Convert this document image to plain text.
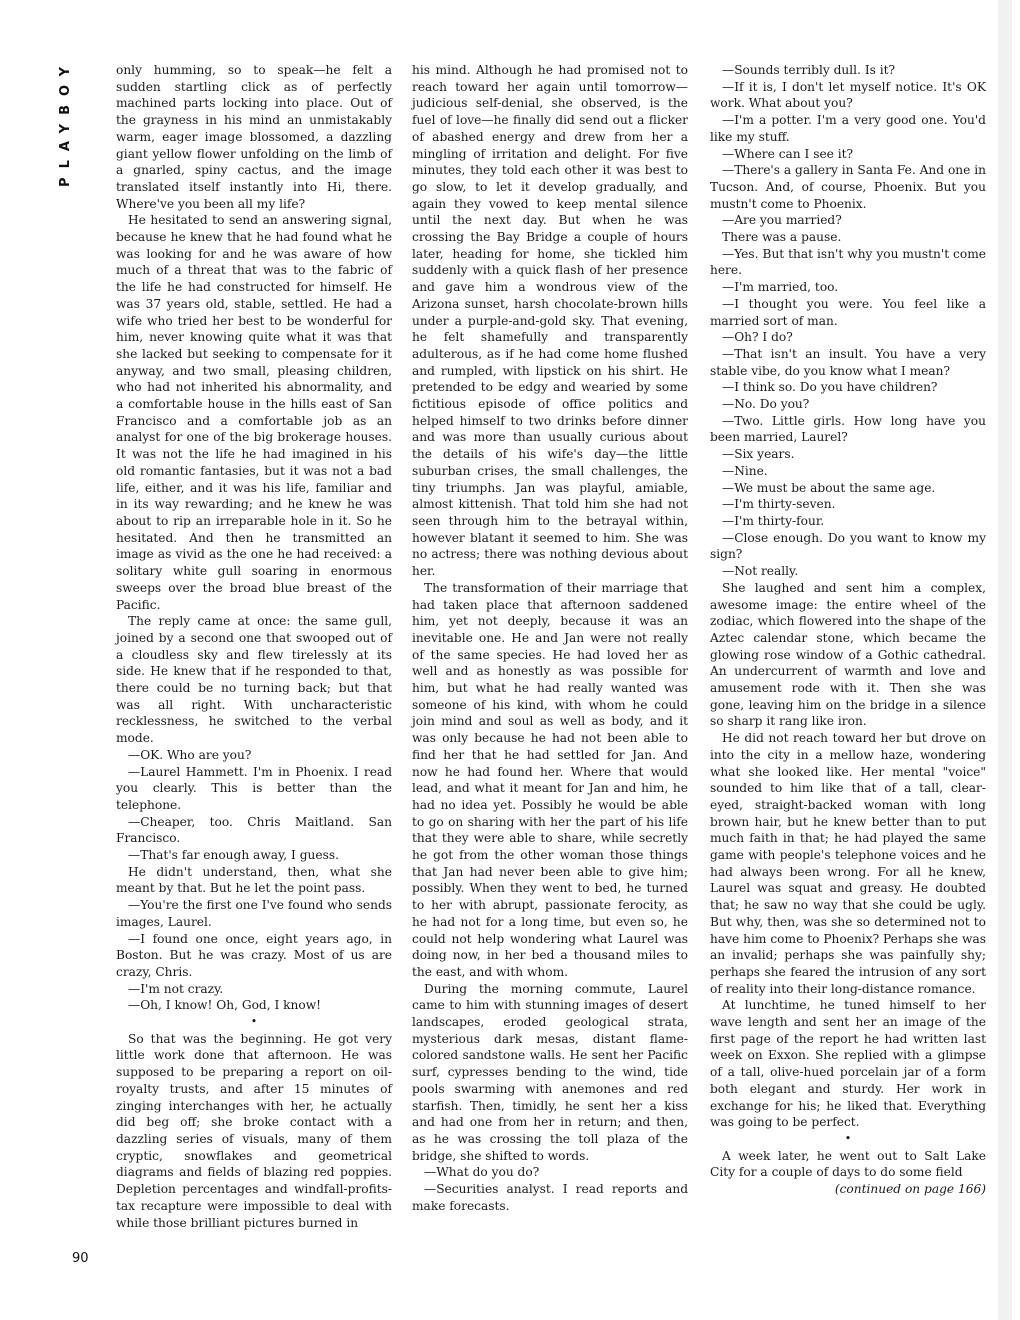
PLAYBOY	only humming, so to speak—he felt a sudden startling click as of perfectly machined parts locking into place. Out of the grayness in his mind an unmistakably warm, eager image blossomed, a dazzling giant yellow flower unfolding on the limb of a gnarled, spiny cactus, and the image translated itself instantly into Hi, there. Where've you been all my life?

He hesitated to send an answering signal, because he knew that he had found what he was looking for and he was aware of how much of a threat that was to the fabric of the life he had constructed for himself. He was 37 years old, stable, settled. He had a wife who tried her best to be wonderful for him, never knowing quite what it was that she lacked but seeking to compensate for it anyway, and two small, pleasing children, who had not inherited his abnormality, and a comfortable house in the hills east of San Francisco and a comfortable job as an analyst for one of the big brokerage houses. It was not the life he had imagined in his old romantic fantasies, but it was not a bad life, either, and it was his life, familiar and in its way rewarding; and he knew he was about to rip an irreparable hole in it. So he hesitated. And then he transmitted an image as vivid as the one he had received: a solitary white gull soaring in enormous sweeps over the broad blue breast of the Pacific.

The reply came at once: the same gull, joined by a second one that swooped out of a cloudless sky and flew tirelessly at its side. He knew that if he responded to that, there could be no turning back; but that was all right. With uncharacteristic recklessness, he switched to the verbal mode.

—OK. Who are you?

—Laurel Hammett. I'm in Phoenix. I read you clearly. This is better than the telephone.

—Cheaper, too. Chris Maitland. San Francisco.

—That's far enough away, I guess.

He didn't understand, then, what she meant by that. But he let the point pass.

—You're the first one I've found who sends images, Laurel.

—I found one once, eight years ago, in Boston. But he was crazy. Most of us are crazy, Chris.

—I'm not crazy.

—Oh, I know! Oh, God, I know!

•

So that was the beginning. He got very little work done that afternoon. He was supposed to be preparing a report on oil-royalty trusts, and after 15 minutes of zinging interchanges with her, he actually did beg off; she broke contact with a dazzling series of visuals, many of them cryptic, snowflakes and geometrical diagrams and fields of blazing red poppies. Depletion percentages and windfall-profits-tax recapture were impossible to deal with while those brilliant pictures burned in

his mind. Although he had promised not to reach toward her again until tomorrow—judicious self-denial, she observed, is the fuel of love—he finally did send out a flicker of abashed energy and drew from her a mingling of irritation and delight. For five minutes, they told each other it was best to go slow, to let it develop gradually, and again they vowed to keep mental silence until the next day. But when he was crossing the Bay Bridge a couple of hours later, heading for home, she tickled him suddenly with a quick flash of her presence and gave him a wondrous view of the Arizona sunset, harsh chocolate-brown hills under a purple-and-gold sky. That evening, he felt shamefully and transparently adulterous, as if he had come home flushed and rumpled, with lipstick on his shirt. He pretended to be edgy and wearied by some fictitious episode of office politics and helped himself to two drinks before dinner and was more than usually curious about the details of his wife's day—the little suburban crises, the small challenges, the tiny triumphs. Jan was playful, amiable, almost kittenish. That told him she had not seen through him to the betrayal within, however blatant it seemed to him. She was no actress; there was nothing devious about her.

The transformation of their marriage that had taken place that afternoon saddened him, yet not deeply, because it was an inevitable one. He and Jan were not really of the same species. He had loved her as well and as honestly as was possible for him, but what he had really wanted was someone of his kind, with whom he could join mind and soul as well as body, and it was only because he had not been able to find her that he had settled for Jan. And now he had found her. Where that would lead, and what it meant for Jan and him, he had no idea yet. Possibly he would be able to go on sharing with her the part of his life that they were able to share, while secretly he got from the other woman those things that Jan had never been able to give him; possibly. When they went to bed, he turned to her with abrupt, passionate ferocity, as he had not for a long time, but even so, he could not help wondering what Laurel was doing now, in her bed a thousand miles to the east, and with whom.

During the morning commute, Laurel came to him with stunning images of desert landscapes, eroded geological strata, mysterious dark mesas, distant flame-colored sandstone walls. He sent her Pacific surf, cypresses bending to the wind, tide pools swarming with anemones and red starfish. Then, timidly, he sent her a kiss and had one from her in return; and then, as he was crossing the toll plaza of the bridge, she shifted to words.

—What do you do?

—Securities analyst. I read reports and make forecasts.

—Sounds terribly dull. Is it?

—If it is, I don't let myself notice. It's OK work. What about you?

—I'm a potter. I'm a very good one. You'd like my stuff.

—Where can I see it?

—There's a gallery in Santa Fe. And one in Tucson. And, of course, Phoenix. But you mustn't come to Phoenix.

—Are you married?

There was a pause.

—Yes. But that isn't why you mustn't come here.

—I'm married, too.

—I thought you were. You feel like a married sort of man.

—Oh? I do?

—That isn't an insult. You have a very stable vibe, do you know what I mean?

—I think so. Do you have children?

—No. Do you?

—Two. Little girls. How long have you been married, Laurel?

—Six years.

—Nine.

—We must be about the same age.

—I'm thirty-seven.

—I'm thirty-four.

—Close enough. Do you want to know my sign?

—Not really.

She laughed and sent him a complex, awesome image: the entire wheel of the zodiac, which flowered into the shape of the Aztec calendar stone, which became the glowing rose window of a Gothic cathedral. An undercurrent of warmth and love and amusement rode with it. Then she was gone, leaving him on the bridge in a silence so sharp it rang like iron.

He did not reach toward her but drove on into the city in a mellow haze, wondering what she looked like. Her mental "voice" sounded to him like that of a tall, clear-eyed, straight-backed woman with long brown hair, but he knew better than to put much faith in that; he had played the same game with people's telephone voices and he had always been wrong. For all he knew, Laurel was squat and greasy. He doubted that; he saw no way that she could be ugly. But why, then, was she so determined not to have him come to Phoenix? Perhaps she was an invalid; perhaps she was painfully shy; perhaps she feared the intrusion of any sort of reality into their long-distance romance.

At lunchtime, he tuned himself to her wave length and sent her an image of the first page of the report he had written last week on Exxon. She replied with a glimpse of a tall, olive-hued porcelain jar of a form both elegant and sturdy. Her work in exchange for his; he liked that. Everything was going to be perfect.

•

A week later, he went out to Salt Lake City for a couple of days to do some field

(continued on page 166)

90
